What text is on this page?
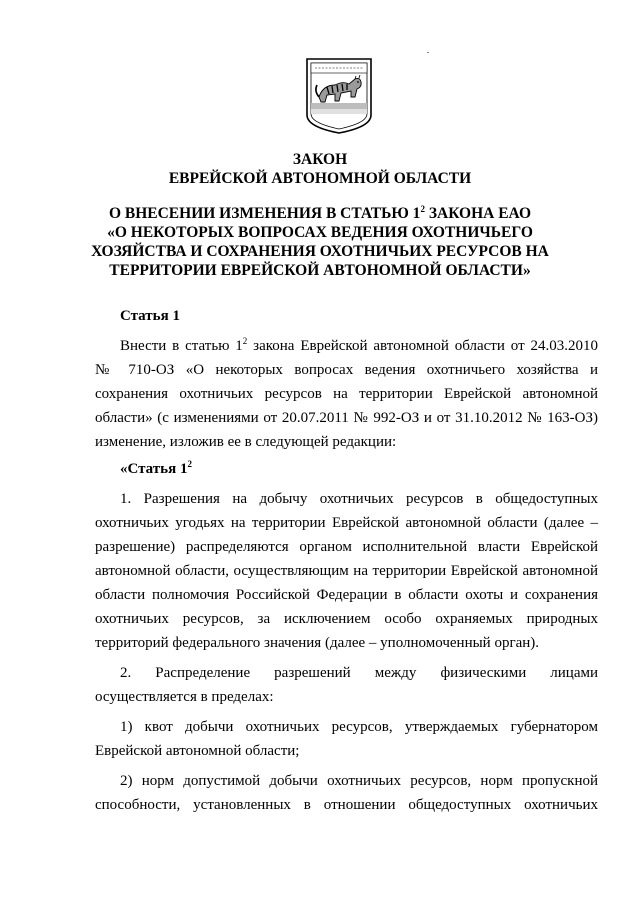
ЗАКОН
ЕВРЕЙСКОЙ АВТОНОМНОЙ ОБЛАСТИ
О ВНЕСЕНИИ ИЗМЕНЕНИЯ В СТАТЬЮ $1^2$ ЗАКОНА ЕАО
«О НЕКОТОРЫХ ВОПРОСАХ ВЕДЕНИЯ ОХОТНИЧЬЕГО
ХОЗЯЙСТВА И СОХРАНЕНИЯ ОХОТНИЧЬИХ РЕСУРСОВ НА
ТЕРРИТОРИИ ЕВРЕЙСКОЙ АВТОНОМНОЙ ОБЛАСТИ»
Статья 1
Внести в статью $1^2$ закона Еврейской автономной области от 24.03.2010
№ 710-ОЗ «О некоторых вопросах ведения охотничьего хозяйства и
сохранения охотничьих ресурсов на территории Еврейской автономной
области» (с изменениями от 20.07.2011 № 992-ОЗ и от 31.10.2012 № 163-ОЗ)
изменение, изложив ее в следующей редакции:
«Статья $1^2$
1. Разрешения на добычу охотничьих ресурсов в общедоступных
охотничьих угодьях на территории Еврейской автономной области (далее –
разрешение) распределяются органом исполнительной власти Еврейской
автономной области, осуществляющим на территории Еврейской автономной
области полномочия Российской Федерации в области охоты и сохранения
охотничьих ресурсов, за исключением особо охраняемых природных
территорий федерального значения (далее – уполномоченный орган).
2. Распределение разрешений между физическими лицами
осуществляется в пределах:
1) квот добычи охотничьих ресурсов, утверждаемых губернатором
Еврейской автономной области;
2) норм допустимой добычи охотничьих ресурсов, норм пропускной
способности, установленных в отношении общедоступных охотничьих
